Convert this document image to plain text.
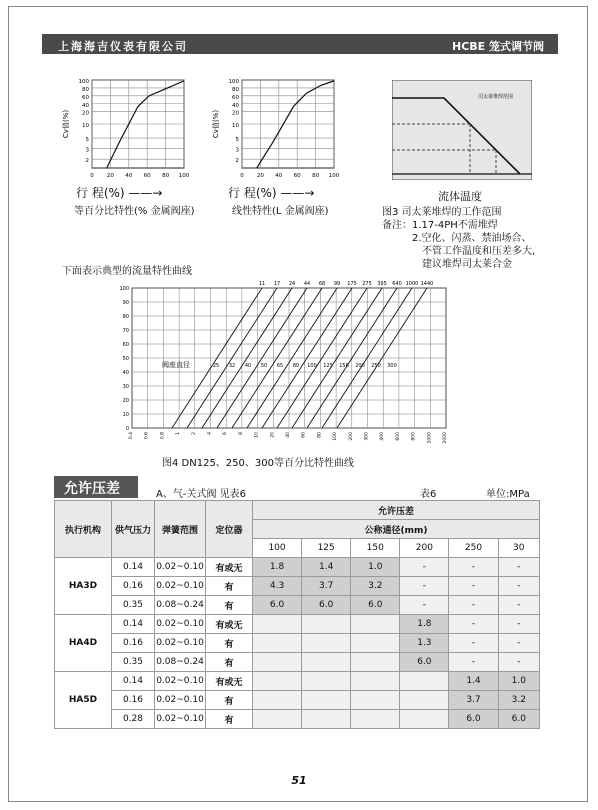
上海海吉仪表有限公司	HCBE 笼式调节阀
100
80
60
40
20
10
5
3
2
0 20 40 60 80 100
Cv值(%)
行 程(%) ——→
等百分比特性(% 金属阀座)
100
80
60
40
20
10
5
3
2
0 20 40 60 80 100
Cv值(%)
行 程(%) ——→
线性特性(L 金属阀座)
司太莱堆焊范围
流体温度
图3 司太莱堆焊的工作范围
备注：1.17-4PH不需堆焊
2.空化、闪蒸、禁油场合、
不管工作温度和压差多大,
建议堆焊司太莱合金
下面表示典型的流量特性曲线
100
90
80
70
60
50
40
30
20
10
0
0.4 0.6 0.8 1 2 4 6 8 10 20 40 60 80 100 200 300 400 600 800 1000 2000
11 17 24 44 68 99 175 275 395 640 1000 1440
阀座直径	25 32 40 50 65 80 100 125 150 200 250 300
图4 DN125、250、300等百分比特性曲线
允许压差	A、气-关式阀 见表6	表6	单位:MPa
执行机构	供气压力	弹簧范围	定位器	允许压差					
				公称通径(mm)					
				100	125	150	200	250	30
HA3D	0.14	0.02~0.10	有或无	1.8	1.4	1.0	-	-	-
	0.16	0.02~0.10	有	4.3	3.7	3.2	-	-	-
	0.35	0.08~0.24	有	6.0	6.0	6.0	-	-	-
HA4D	0.14	0.02~0.10	有或无				1.8	-	-
	0.16	0.02~0.10	有				1.3	-	-
	0.35	0.08~0.24	有				6.0	-	-
HA5D	0.14	0.02~0.10	有或无					1.4	1.0
	0.16	0.02~0.10	有					3.7	3.2
	0.28	0.02~0.10	有					6.0	6.0
51
